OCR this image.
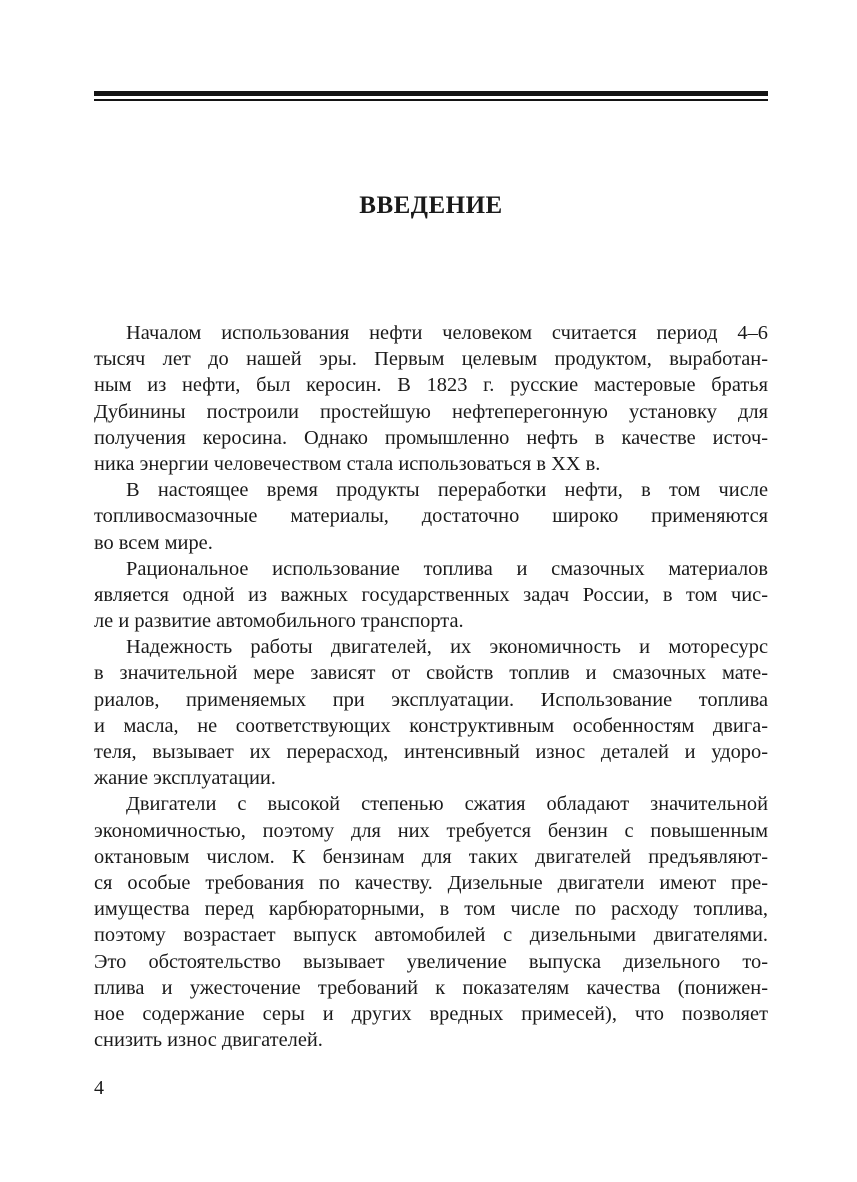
ВВЕДЕНИЕ
Началом использования нефти человеком считается период 4–6
тысяч лет до нашей эры. Первым целевым продуктом, выработан-
ным из нефти, был керосин. В 1823 г. русские мастеровые братья
Дубинины построили простейшую нефтеперегонную установку для
получения керосина. Однако промышленно нефть в качестве источ-
ника энергии человечеством стала использоваться в XX в.
В настоящее время продукты переработки нефти, в том числе
топливосмазочные материалы, достаточно широко применяются
во всем мире.
Рациональное использование топлива и смазочных материалов
является одной из важных государственных задач России, в том чис-
ле и развитие автомобильного транспорта.
Надежность работы двигателей, их экономичность и моторесурс
в значительной мере зависят от свойств топлив и смазочных мате-
риалов, применяемых при эксплуатации. Использование топлива
и масла, не соответствующих конструктивным особенностям двига-
теля, вызывает их перерасход, интенсивный износ деталей и удоро-
жание эксплуатации.
Двигатели с высокой степенью сжатия обладают значительной
экономичностью, поэтому для них требуется бензин с повышенным
октановым числом. К бензинам для таких двигателей предъявляют-
ся особые требования по качеству. Дизельные двигатели имеют пре-
имущества перед карбюраторными, в том числе по расходу топлива,
поэтому возрастает выпуск автомобилей с дизельными двигателями.
Это обстоятельство вызывает увеличение выпуска дизельного то-
плива и ужесточение требований к показателям качества (понижен-
ное содержание серы и других вредных примесей), что позволяет
снизить износ двигателей.

4
